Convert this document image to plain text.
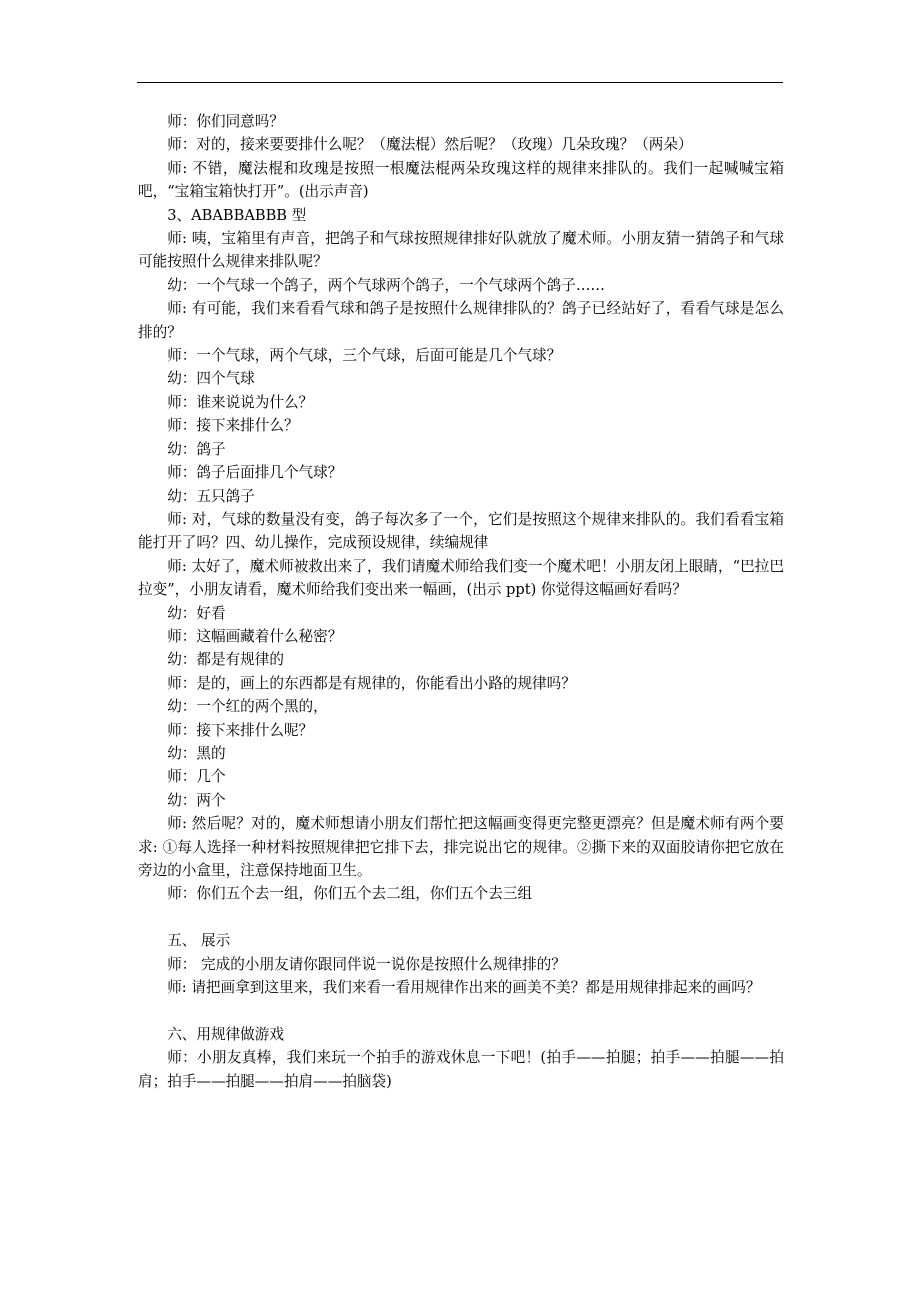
师：你们同意吗？
师：对的，接来要要排什么呢？（魔法棍）然后呢？（玫瑰）几朵玫瑰？（两朵）
师: 不错，魔法棍和玫瑰是按照一根魔法棍两朵玫瑰这样的规律来排队的。我们一起喊喊宝箱吧，“宝箱宝箱快打开”。(出示声音)
3、ABABBABBB 型
师: 咦，宝箱里有声音，把鸽子和气球按照规律排好队就放了魔术师。小朋友猜一猜鸽子和气球可能按照什么规律来排队呢？
幼：一个气球一个鸽子，两个气球两个鸽子，一个气球两个鸽子……
师: 有可能，我们来看看气球和鸽子是按照什么规律排队的？鸽子已经站好了，看看气球是怎么排的？
师：一个气球，两个气球，三个气球，后面可能是几个气球？
幼：四个气球
师：谁来说说为什么？
师：接下来排什么？
幼：鸽子
师：鸽子后面排几个气球？
幼：五只鸽子
师: 对，气球的数量没有变，鸽子每次多了一个，它们是按照这个规律来排队的。我们看看宝箱能打开了吗？四、幼儿操作，完成预设规律，续编规律
师: 太好了，魔术师被救出来了，我们请魔术师给我们变一个魔术吧！小朋友闭上眼睛，“巴拉巴拉变”，小朋友请看，魔术师给我们变出来一幅画，(出示 ppt) 你觉得这幅画好看吗？
幼：好看
师：这幅画藏着什么秘密？
幼：都是有规律的
师：是的，画上的东西都是有规律的，你能看出小路的规律吗？
幼：一个红的两个黑的，
师：接下来排什么呢？
幼：黑的
师：几个
幼：两个
师: 然后呢？对的，魔术师想请小朋友们帮忙把这幅画变得更完整更漂亮？但是魔术师有两个要求: ①每人选择一种材料按照规律把它排下去，排完说出它的规律。②撕下来的双面胶请你把它放在旁边的小盒里，注意保持地面卫生。
师：你们五个去一组，你们五个去二组，你们五个去三组
五、 展示
师： 完成的小朋友请你跟同伴说一说你是按照什么规律排的？
师: 请把画拿到这里来，我们来看一看用规律作出来的画美不美？都是用规律排起来的画吗？
六、用规律做游戏
师：小朋友真棒，我们来玩一个拍手的游戏休息一下吧！(拍手——拍腿；拍手——拍腿——拍肩；拍手——拍腿——拍肩——拍脑袋)
